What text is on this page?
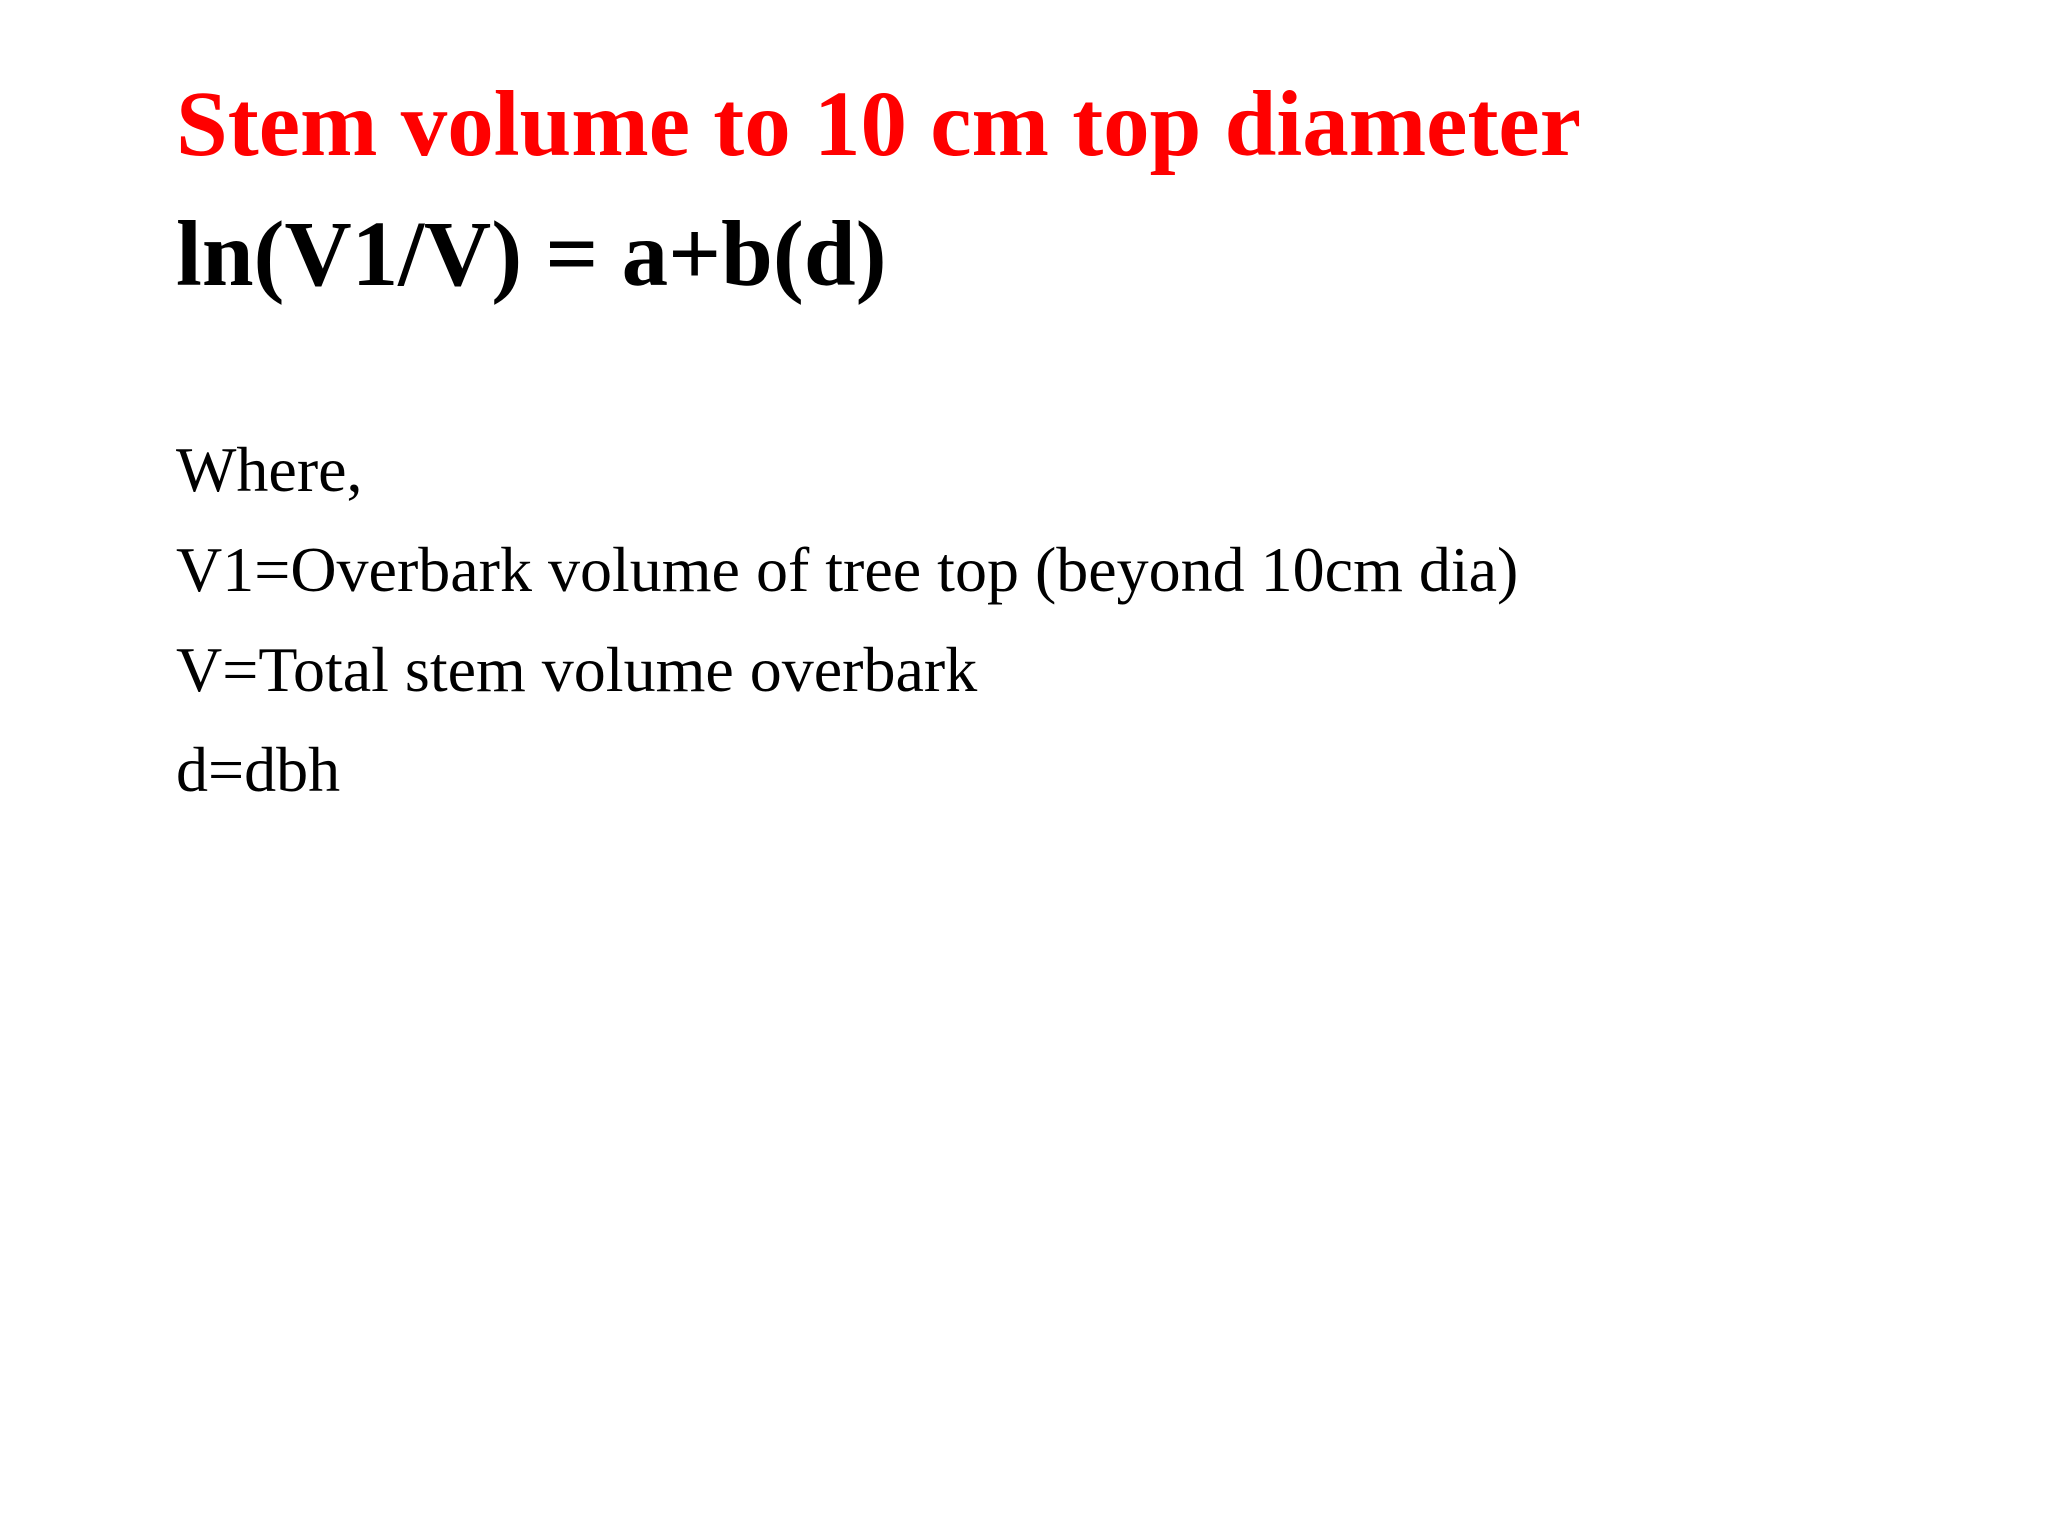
Stem volume to 10 cm top diameter
ln(V1/V) = a+b(d)
Where,
V1=Overbark volume of tree top (beyond 10cm dia)
V=Total stem volume overbark
d=dbh
